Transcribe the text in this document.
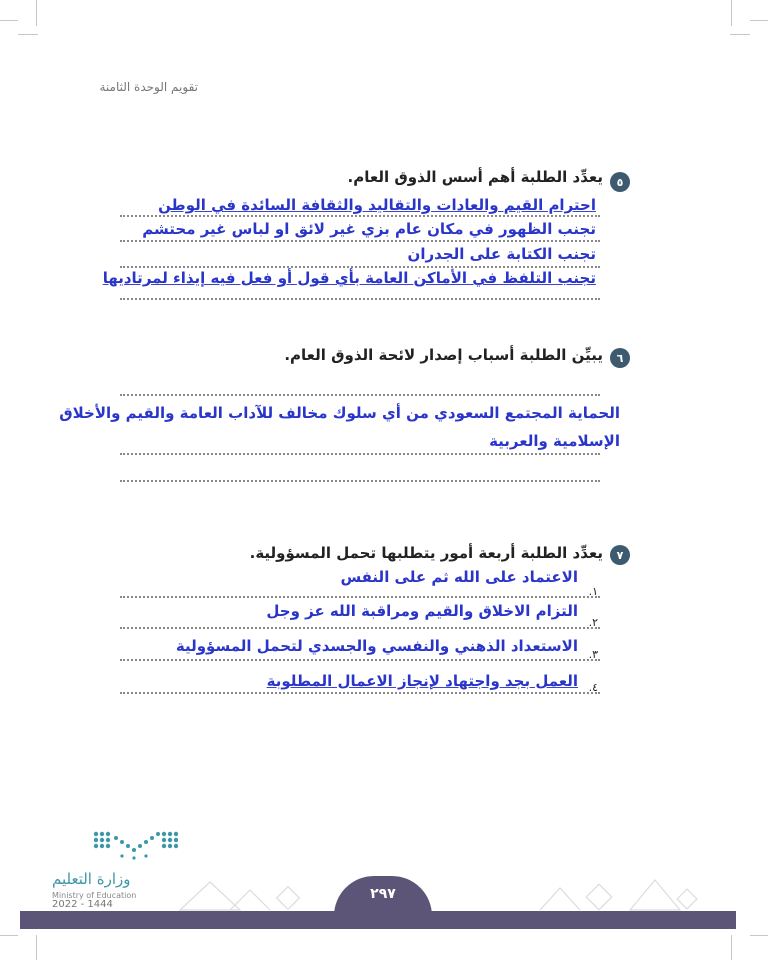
تقويم الوحدة الثامنة
٥
يعدِّد الطلبة أهم أسس الذوق العام.
احترام القيم والعادات والتقاليد والثقافة السائدة في الوطن
تجنب الظهور في مكان عام بزي غير لائق او لباس غير محتشم
تجنب الكتابة على الجدران
تجنب التلفظ في الأماكن العامة بأي قول أو فعل فيه إيذاء لمرتاديها
٦
يبيِّن الطلبة أسباب إصدار لائحة الذوق العام.
الحماية المجتمع السعودي من أي سلوك مخالف للآداب العامة والقيم والأخلاق
الإسلامية والعربية
٧
يعدِّد الطلبة أربعة أمور يتطلبها تحمل المسؤولية.
الاعتماد على الله ثم على النفس
١.
التزام الاخلاق والقيم ومراقبة الله عز وجل
٢.
الاستعداد الذهني والنفسي والجسدي لتحمل المسؤولية ٣.
العمل بجد واجتهاد لإنجاز الاعمال المطلوبة ٤.
وزارة التعليم
Ministry of Education
2022 - 1444
٢٩٧
